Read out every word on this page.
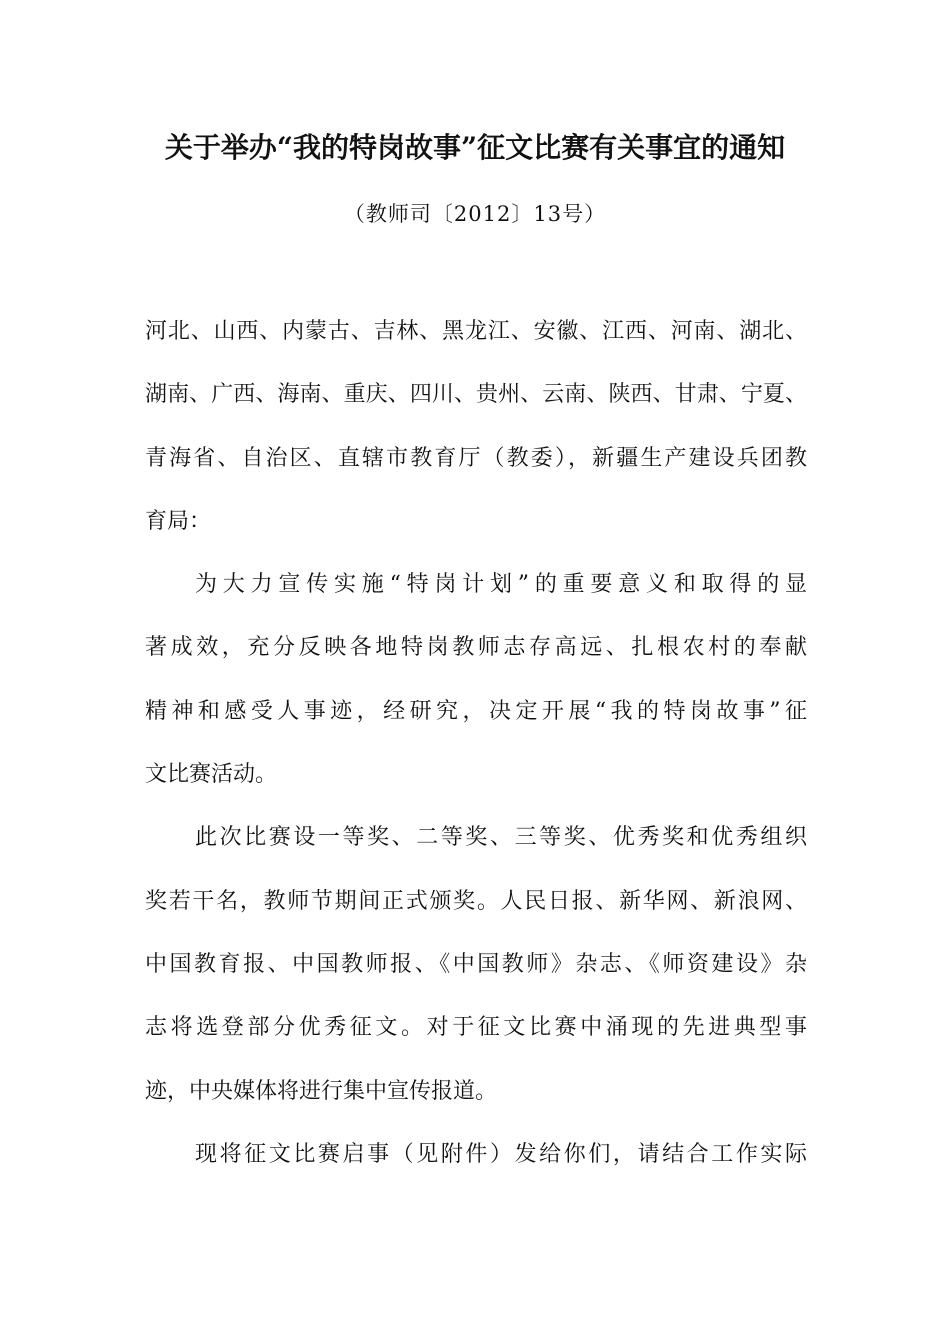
关于举办“我的特岗故事”征文比赛有关事宜的通知
（教师司〔2012〕13号）
河北、山西、内蒙古、吉林、黑龙江、安徽、江西、河南、湖北、
湖南、广西、海南、重庆、四川、贵州、云南、陕西、甘肃、宁夏、
青海省、自治区、直辖市教育厅（教委），新疆生产建设兵团教
育局：
为大力宣传实施“特岗计划”的重要意义和取得的显
著成效，充分反映各地特岗教师志存高远、扎根农村的奉献
精神和感受人事迹，经研究，决定开展“我的特岗故事”征
文比赛活动。
此次比赛设一等奖、二等奖、三等奖、优秀奖和优秀组织
奖若干名，教师节期间正式颁奖。人民日报、新华网、新浪网、
中国教育报、中国教师报、《中国教师》杂志、《师资建设》杂
志将选登部分优秀征文。对于征文比赛中涌现的先进典型事
迹，中央媒体将进行集中宣传报道。
现将征文比赛启事（见附件）发给你们，请结合工作实际
